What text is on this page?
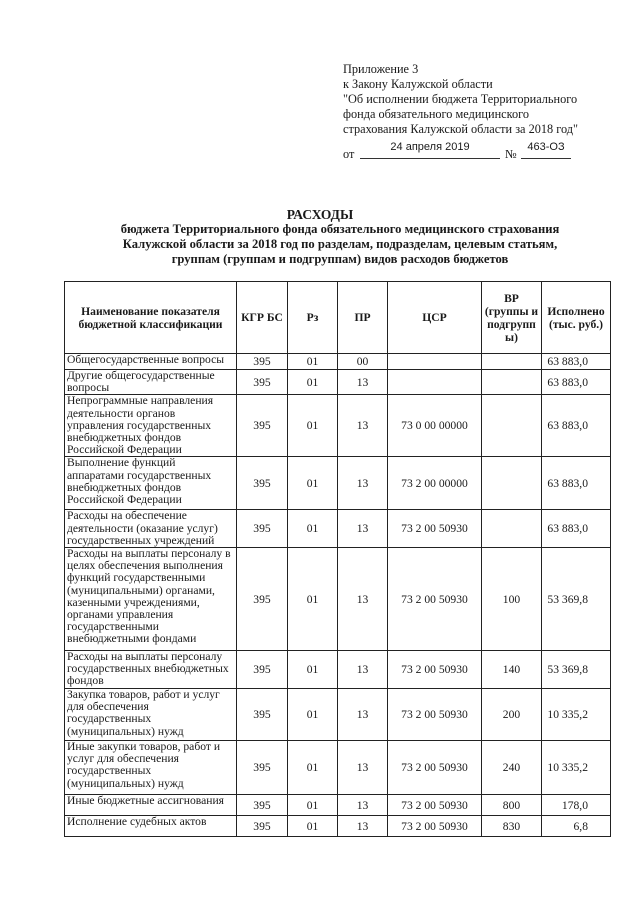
Приложение 3
к Закону Калужской области
"Об исполнении бюджета Территориального
фонда обязательного медицинского
страхования Калужской области за 2018 год"
от	24 апреля 2019	№ 463-ОЗ
РАСХОДЫ
бюджета Территориального фонда обязательного медицинского страхования
Калужской области за 2018 год по разделам, подразделам, целевым статьям,
группам (группам и подгруппам) видов расходов бюджетов
Наименование показателя бюджетной классификации	КГР БС	Рз	ПР	ЦСР	ВР (группы и подгрупп ы)	Исполнено (тыс. руб.)
Общегосударственные вопросы	395	01	00			63 883,0
Другие общегосударственные вопросы	395	01	13			63 883,0
Непрограммные направления деятельности органов управления государственных внебюджетных фондов Российской Федерации	395	01	13	73 0 00 00000		63 883,0
Выполнение функций аппаратами государственных внебюджетных фондов Российской Федерации	395	01	13	73 2 00 00000		63 883,0
Расходы на обеспечение деятельности (оказание услуг) государственных учреждений	395	01	13	73 2 00 50930		63 883,0
Расходы на выплаты персоналу в целях обеспечения выполнения функций государственными (муниципальными) органами, казенными учреждениями, органами управления государственными внебюджетными фондами	395	01	13	73 2 00 50930	100	53 369,8
Расходы на выплаты персоналу государственных внебюджетных фондов	395	01	13	73 2 00 50930	140	53 369,8
Закупка товаров, работ и услуг для обеспечения государственных (муниципальных) нужд	395	01	13	73 2 00 50930	200	10 335,2
Иные закупки товаров, работ и услуг для обеспечения государственных (муниципальных) нужд	395	01	13	73 2 00 50930	240	10 335,2
Иные бюджетные ассигнования	395	01	13	73 2 00 50930	800	178,0
Исполнение судебных актов	395	01	13	73 2 00 50930	830	6,8
